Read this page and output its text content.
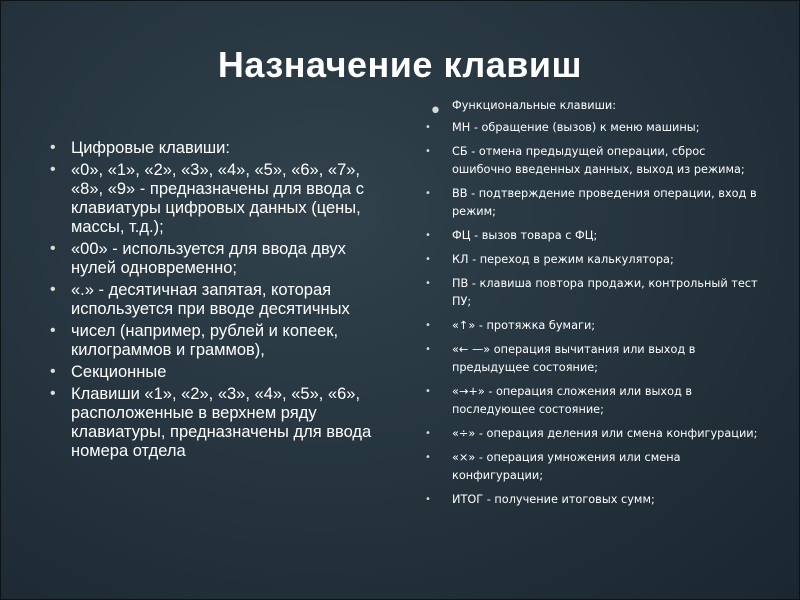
Назначение клавиш
• Цифровые клавиши:
• «0», «1», «2», «3», «4», «5», «6», «7», «8», «9» - предназначены для ввода с клавиатуры цифровых данных (цены, массы, т.д.);
• «00» - используется для ввода двух нулей одновременно;
• «.» - десятичная запятая, которая используется при вводе десятичных
• чисел (например, рублей и копеек, килограммов и граммов),
• Секционные
• Клавиши «1», «2», «3», «4», «5», «6», расположенные в верхнем ряду клавиатуры, предназначены для ввода номера отдела
• Функциональные клавиши:
• МН - обращение (вызов) к меню машины;
• СБ - отмена предыдущей операции, сброс ошибочно введенных данных, выход из режима;
• ВВ - подтверждение проведения операции, вход в режим;
• ФЦ - вызов товара с ФЦ;
• КЛ - переход в режим калькулятора;
• ПВ - клавиша повтора продажи, контрольный тест ПУ;
• «↑» - протяжка бумаги;
• «← —» операция вычитания или выход в предыдущее состояние;
• «→+» - операция сложения или выход в последующее состояние;
• «÷» - операция деления или смена конфигурации;
• «×» - операция умножения или смена конфигурации;
• ИТОГ - получение итоговых сумм;
